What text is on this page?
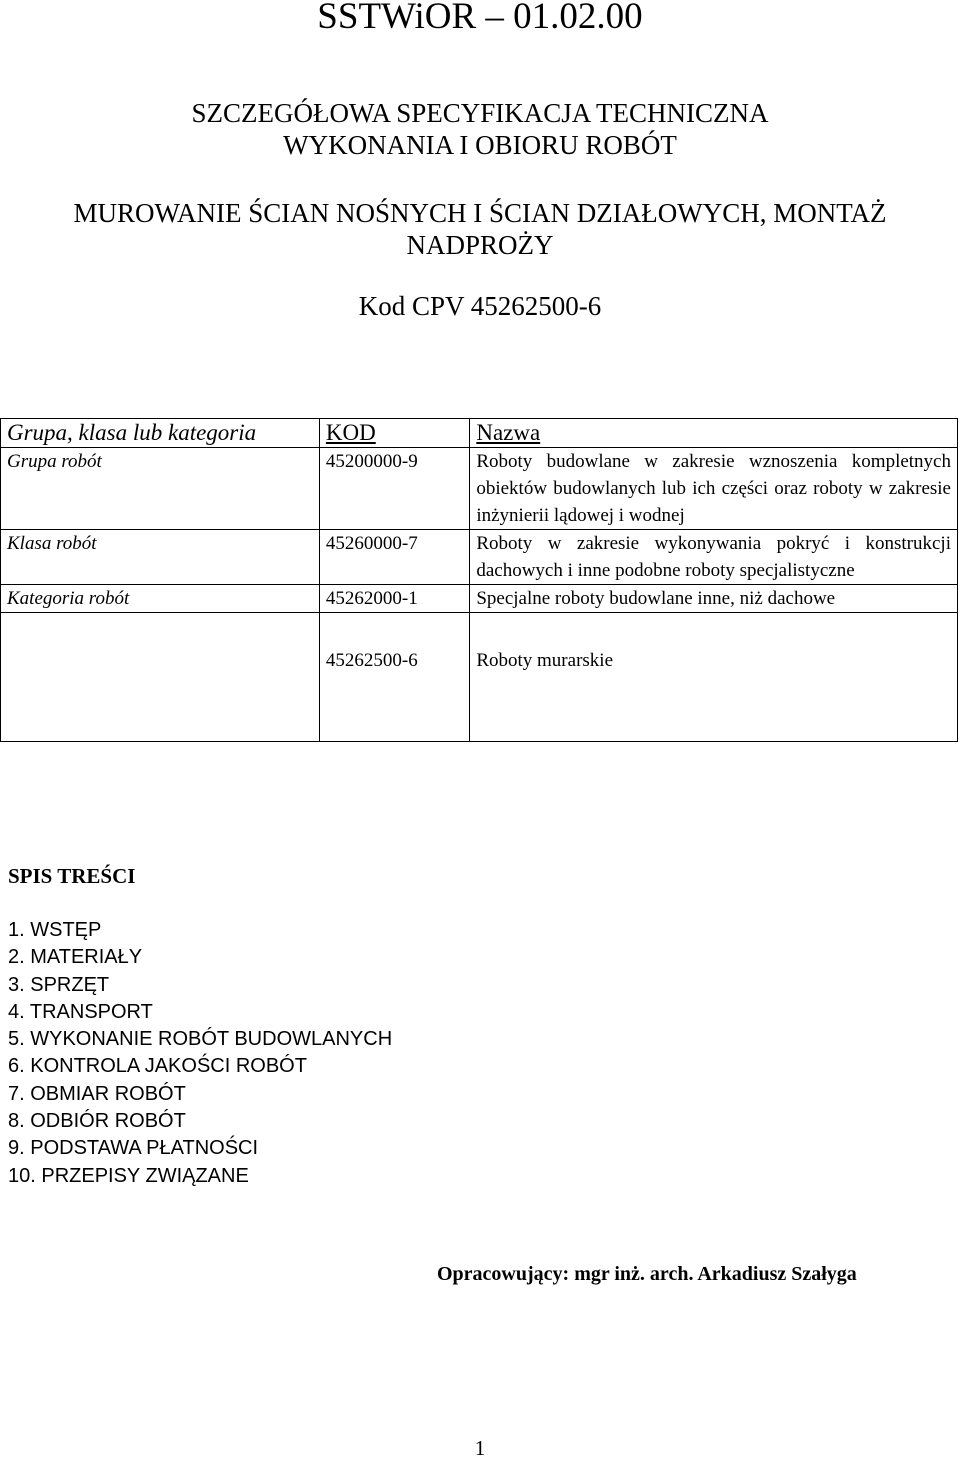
SSTWiOR – 01.02.00
SZCZEGÓŁOWA SPECYFIKACJA TECHNICZNA
WYKONANIA I OBIORU ROBÓT
MUROWANIE ŚCIAN NOŚNYCH I ŚCIAN DZIAŁOWYCH, MONTAŻ
NADPROŻY
Kod CPV 45262500-6
Grupa, klasa lub kategoria	KOD	Nazwa
Grupa robót	45200000-9	Roboty budowlane w zakresie wznoszenia kompletnych obiektów budowlanych lub ich części oraz roboty w zakresie inżynierii lądowej i wodnej
Klasa robót	45260000-7	Roboty w zakresie wykonywania pokryć i konstrukcji dachowych i inne podobne roboty specjalistyczne
Kategoria robót	45262000-1	Specjalne roboty budowlane inne, niż dachowe
	45262500-6	Roboty murarskie
SPIS TREŚCI
1. WSTĘP
2. MATERIAŁY
3. SPRZĘT
4. TRANSPORT
5. WYKONANIE ROBÓT BUDOWLANYCH
6. KONTROLA JAKOŚCI ROBÓT
7. OBMIAR ROBÓT
8. ODBIÓR ROBÓT
9. PODSTAWA PŁATNOŚCI
10. PRZEPISY ZWIĄZANE
Opracowujący: mgr inż. arch. Arkadiusz Szałyga
1
